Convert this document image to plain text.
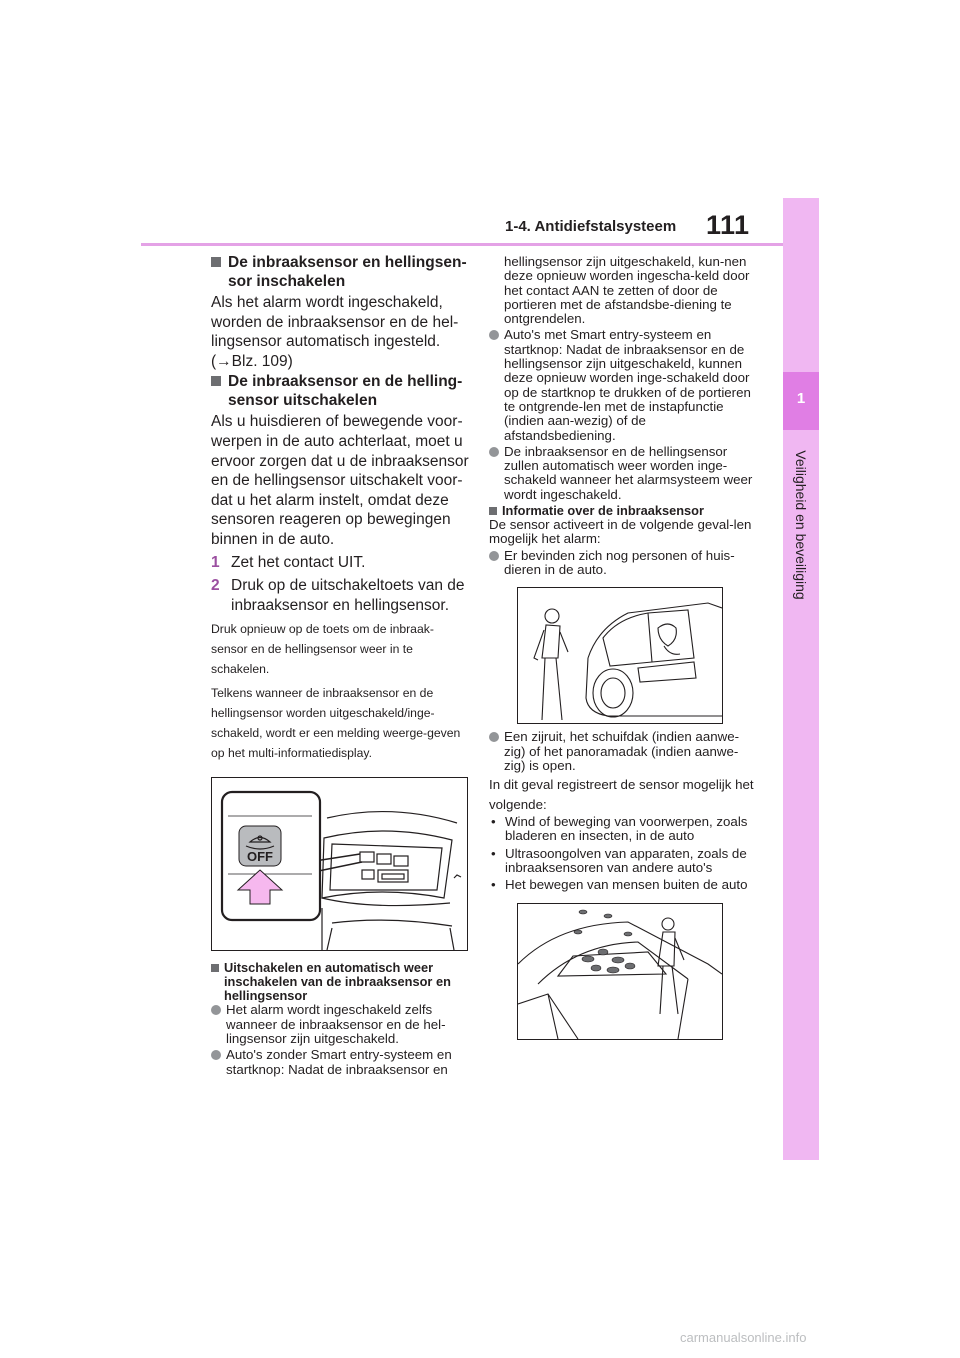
1-4. Antidiefstalsysteem 111
1
Veiligheid en beveiliging
De inbraaksensor en hellingsen-sor inschakelen

Als het alarm wordt ingeschakeld, worden de inbraaksensor en de hel-lingsensor automatisch ingesteld. (→Blz. 109)

De inbraaksensor en de helling-sensor uitschakelen

Als u huisdieren of bewegende voor-werpen in de auto achterlaat, moet u ervoor zorgen dat u de inbraaksensor en de hellingsensor uitschakelt voor-dat u het alarm instelt, omdat deze sensoren reageren op bewegingen binnen in de auto.

1 Zet het contact UIT.
2 Druk op de uitschakeltoets van de inbraaksensor en hellingsensor.

Druk opnieuw op de toets om de inbraak-sensor en de hellingsensor weer in te schakelen.

Telkens wanneer de inbraaksensor en de hellingsensor worden uitgeschakeld/inge-schakeld, wordt er een melding weerge-geven op het multi-informatiedisplay.

OFF
Uitschakelen en automatisch weer inschakelen van de inbraaksensor en hellingsensor
Het alarm wordt ingeschakeld zelfs wanneer de inbraaksensor en de hel-lingsensor zijn uitgeschakeld.
Auto's zonder Smart entry-systeem en startknop: Nadat de inbraaksensor en

hellingsensor zijn uitgeschakeld, kun-nen deze opnieuw worden ingescha-keld door het contact AAN te zetten of door de portieren met de afstandsbe-diening te ontgrendelen.

Auto's met Smart entry-systeem en startknop: Nadat de inbraaksensor en de hellingsensor zijn uitgeschakeld, kunnen deze opnieuw worden inge-schakeld door op de startknop te drukken of de portieren te ontgrende-len met de instapfunctie (indien aan-wezig) of de afstandsbediening.
De inbraaksensor en de hellingsensor zullen automatisch weer worden inge-schakeld wanneer het alarmsysteem weer wordt ingeschakeld.
Informatie over de inbraaksensor

De sensor activeert in de volgende geval-len mogelijk het alarm:

Er bevinden zich nog personen of huis-dieren in de auto.
Een zijruit, het schuifdak (indien aanwe-zig) of het panoramadak (indien aanwe-zig) is open.

In dit geval registreert de sensor mogelijk het volgende:

• Wind of beweging van voorwerpen, zoals bladeren en insecten, in de auto
• Ultrasoongolven van apparaten, zoals de inbraaksensoren van andere auto's
• Het bewegen van mensen buiten de auto
carmanualsonline.info
